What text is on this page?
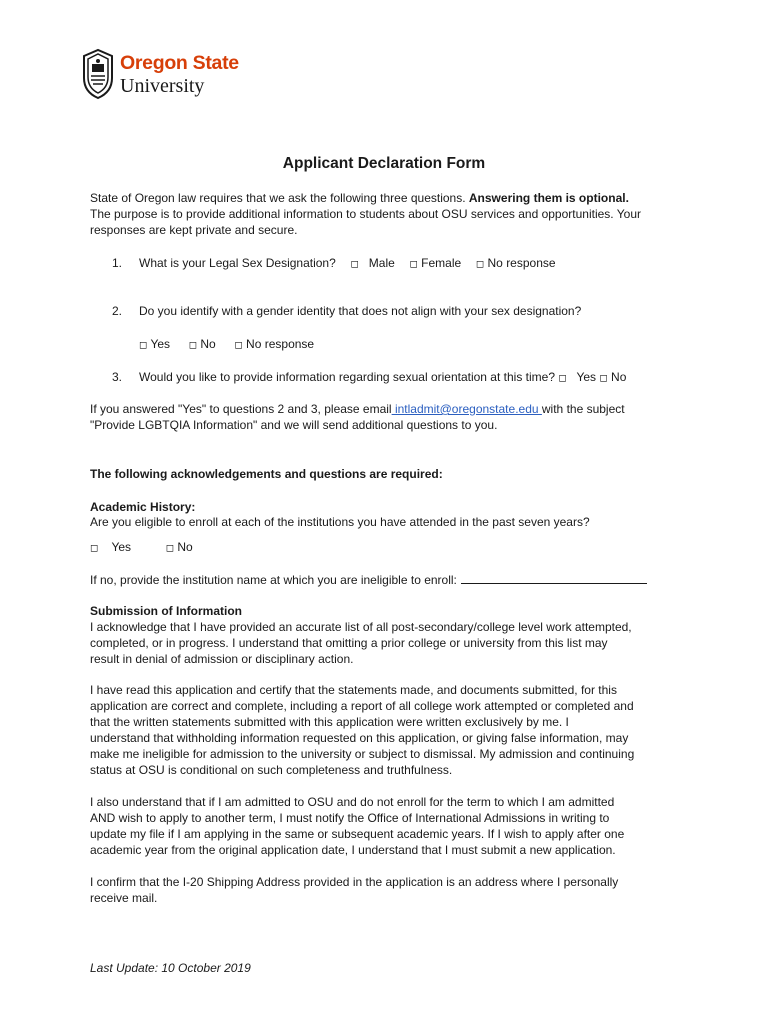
Oregon State
University
Applicant Declaration Form
State of Oregon law requires that we ask the following three questions. Answering them is optional.
The purpose is to provide additional information to students about OSU services and opportunities. Your
responses are kept private and secure.
1. What is your Legal Sex Designation? ◻ Male ◻ Female ◻ No response
2. Do you identify with a gender identity that does not align with your sex designation?
◻ Yes ◻ No ◻ No response
3. Would you like to provide information regarding sexual orientation at this time? ◻ Yes ◻ No
If you answered "Yes" to questions 2 and 3, please email intladmit@oregonstate.edu with the subject
"Provide LGBTQIA Information" and we will send additional questions to you.
The following acknowledgements and questions are required:
Academic History:
Are you eligible to enroll at each of the institutions you have attended in the past seven years?
◻ Yes	◻ No
If no, provide the institution name at which you are ineligible to enroll:
Submission of Information
I acknowledge that I have provided an accurate list of all post-secondary/college level work attempted,
completed, or in progress. I understand that omitting a prior college or university from this list may
result in denial of admission or disciplinary action.
I have read this application and certify that the statements made, and documents submitted, for this
application are correct and complete, including a report of all college work attempted or completed and
that the written statements submitted with this application were written exclusively by me. I
understand that withholding information requested on this application, or giving false information, may
make me ineligible for admission to the university or subject to dismissal. My admission and continuing
status at OSU is conditional on such completeness and truthfulness.
I also understand that if I am admitted to OSU and do not enroll for the term to which I am admitted
AND wish to apply to another term, I must notify the Office of International Admissions in writing to
update my file if I am applying in the same or subsequent academic years. If I wish to apply after one
academic year from the original application date, I understand that I must submit a new application.
I confirm that the I-20 Shipping Address provided in the application is an address where I personally
receive mail.
Last Update: 10 October 2019
